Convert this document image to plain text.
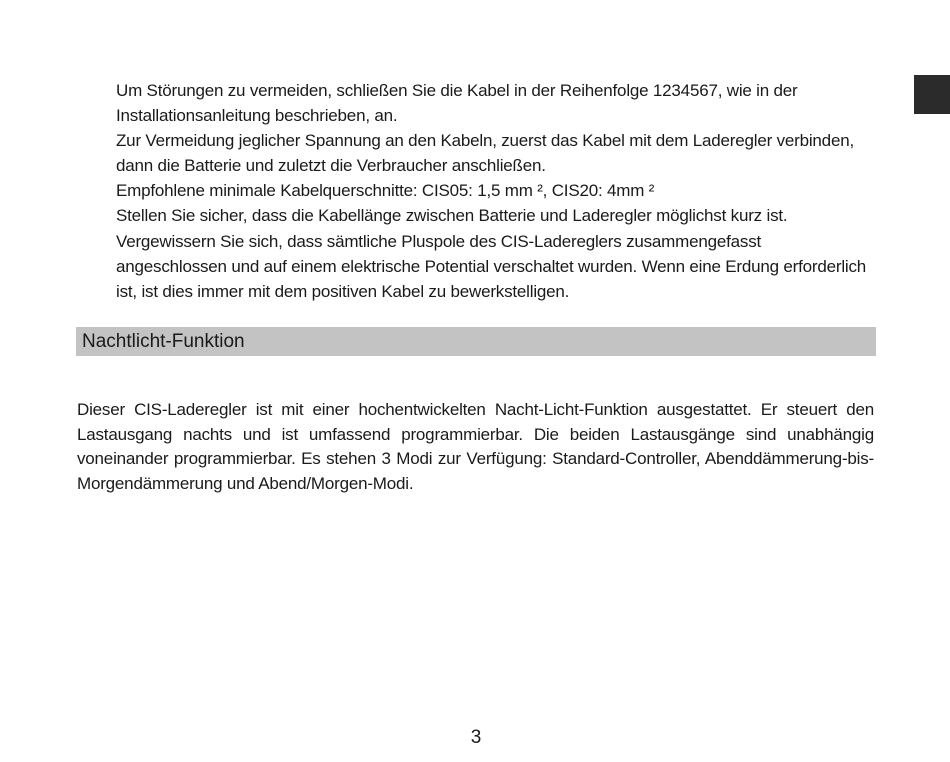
Um Störungen zu vermeiden, schließen Sie die Kabel in der Reihenfolge 1234567, wie in der Installationsanleitung beschrieben, an.

Zur Vermeidung jeglicher Spannung an den Kabeln, zuerst das Kabel mit dem Laderegler verbinden, dann die Batterie und zuletzt die Verbraucher anschließen.

Empfohlene minimale Kabelquerschnitte: CIS05: 1,5 mm ², CIS20: 4mm ²

Stellen Sie sicher, dass die Kabellänge zwischen Batterie und Laderegler möglichst kurz ist.

Vergewissern Sie sich, dass sämtliche Pluspole des CIS-Ladereglers zusammengefasst angeschlossen und auf einem elektrische Potential verschaltet wurden. Wenn eine Erdung erforderlich ist, ist dies immer mit dem positiven Kabel zu bewerkstelligen.

Nachtlicht-Funktion

Dieser CIS-Laderegler ist mit einer hochentwickelten Nacht-Licht-Funktion ausgestattet. Er steuert den Lastausgang nachts und ist umfassend programmierbar. Die beiden Lastausgänge sind unabhängig voneinander programmierbar. Es stehen 3 Modi zur Verfügung: Standard-Controller, Abenddämmerung-bis-Morgendämmerung und Abend/Morgen-Modi.

3
